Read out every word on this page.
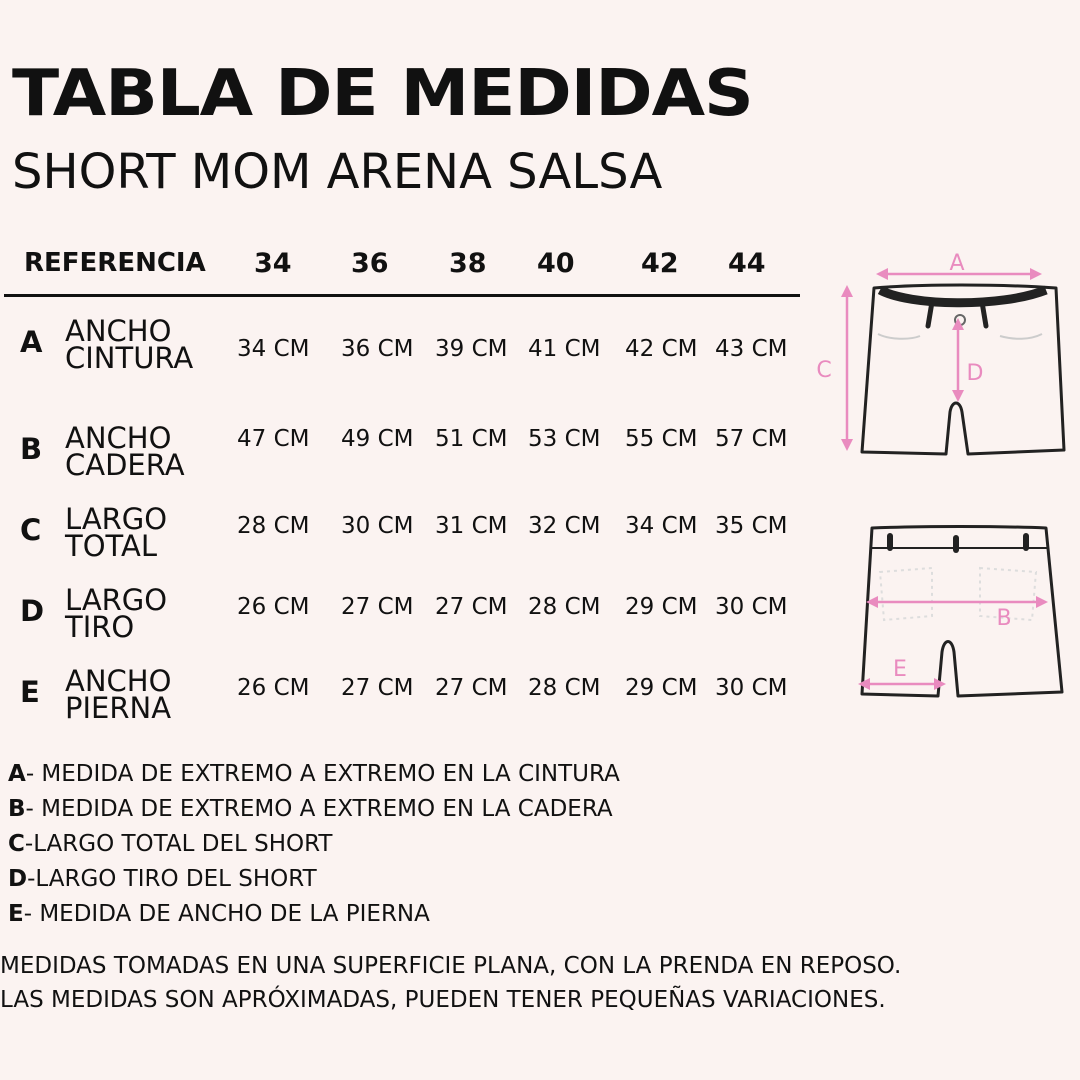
TABLA DE MEDIDAS
SHORT MOM ARENA SALSA
REFERENCIA 34 36 38 40 42 44
A ANCHO
CINTURA 34 CM 36 CM 39 CM 41 CM 42 CM 43 CM
B ANCHO
CADERA
47 CM 49 CM 51 CM 53 CM 55 CM 57 CM
C LARGO
TOTAL
28 CM 30 CM 31 CM 32 CM 34 CM 35 CM
D LARGO
TIRO
26 CM 27 CM 27 CM 28 CM 29 CM 30 CM
E ANCHO
PIERNA
26 CM 27 CM 27 CM 28 CM 29 CM 30 CM
A
C	D
B
E
A- MEDIDA DE EXTREMO A EXTREMO EN LA CINTURA
B- MEDIDA DE EXTREMO A EXTREMO EN LA CADERA
C-LARGO TOTAL DEL SHORT
D-LARGO TIRO DEL SHORT
E- MEDIDA DE ANCHO DE LA PIERNA
MEDIDAS TOMADAS EN UNA SUPERFICIE PLANA, CON LA PRENDA EN REPOSO.
LAS MEDIDAS SON APRÓXIMADAS, PUEDEN TENER PEQUEÑAS VARIACIONES.
